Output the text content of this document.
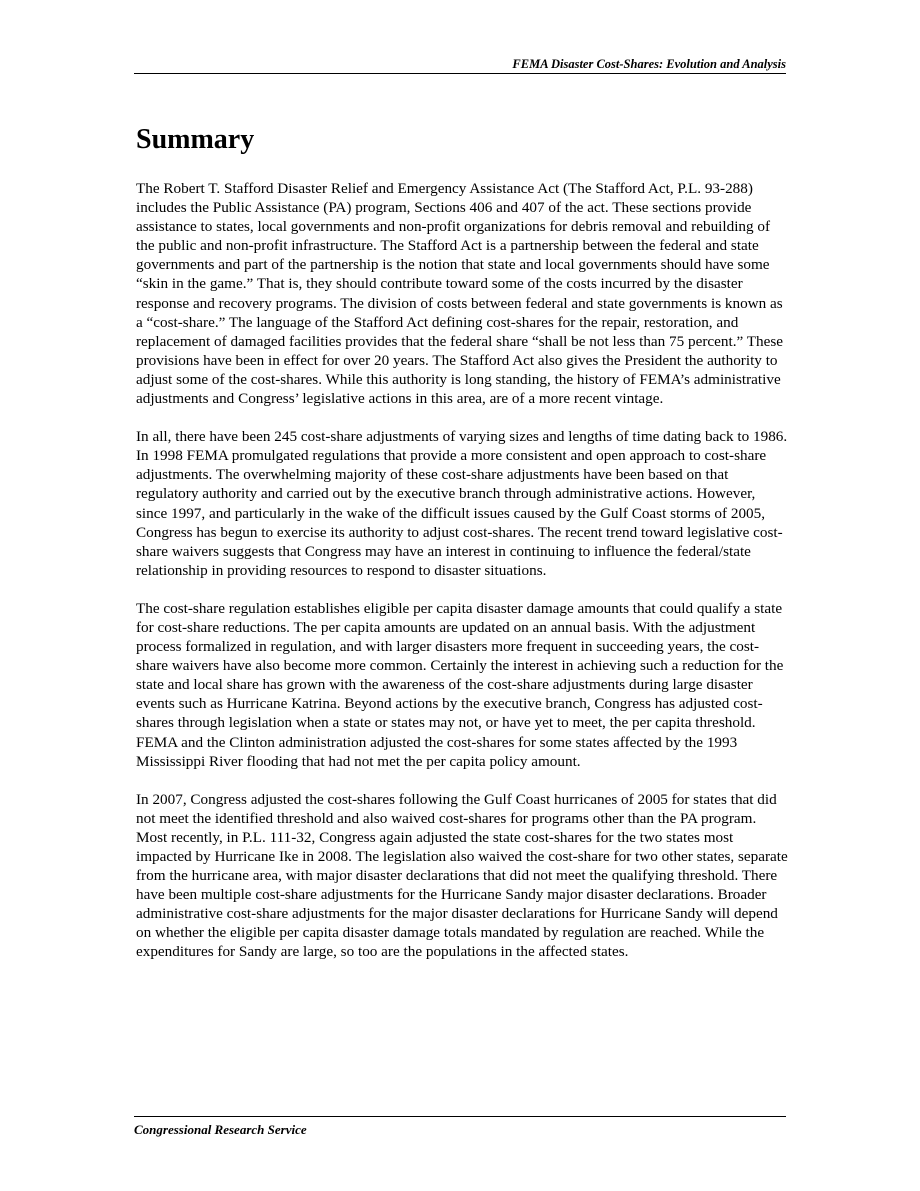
FEMA Disaster Cost-Shares: Evolution and Analysis
Summary

The Robert T. Stafford Disaster Relief and Emergency Assistance Act (The Stafford Act, P.L. 93-288) includes the Public Assistance (PA) program, Sections 406 and 407 of the act. These sections provide assistance to states, local governments and non-profit organizations for debris removal and rebuilding of the public and non-profit infrastructure. The Stafford Act is a partnership between the federal and state governments and part of the partnership is the notion that state and local governments should have some “skin in the game.” That is, they should contribute toward some of the costs incurred by the disaster response and recovery programs. The division of costs between federal and state governments is known as a “cost-share.” The language of the Stafford Act defining cost-shares for the repair, restoration, and replacement of damaged facilities provides that the federal share “shall be not less than 75 percent.” These provisions have been in effect for over 20 years. The Stafford Act also gives the President the authority to adjust some of the cost-shares. While this authority is long standing, the history of FEMA’s administrative adjustments and Congress’ legislative actions in this area, are of a more recent vintage.

In all, there have been 245 cost-share adjustments of varying sizes and lengths of time dating back to 1986. In 1998 FEMA promulgated regulations that provide a more consistent and open approach to cost-share adjustments. The overwhelming majority of these cost-share adjustments have been based on that regulatory authority and carried out by the executive branch through administrative actions. However, since 1997, and particularly in the wake of the difficult issues caused by the Gulf Coast storms of 2005, Congress has begun to exercise its authority to adjust cost-shares. The recent trend toward legislative cost-share waivers suggests that Congress may have an interest in continuing to influence the federal/state relationship in providing resources to respond to disaster situations.

The cost-share regulation establishes eligible per capita disaster damage amounts that could qualify a state for cost-share reductions. The per capita amounts are updated on an annual basis. With the adjustment process formalized in regulation, and with larger disasters more frequent in succeeding years, the cost-share waivers have also become more common. Certainly the interest in achieving such a reduction for the state and local share has grown with the awareness of the cost-share adjustments during large disaster events such as Hurricane Katrina. Beyond actions by the executive branch, Congress has adjusted cost-shares through legislation when a state or states may not, or have yet to meet, the per capita threshold. FEMA and the Clinton administration adjusted the cost-shares for some states affected by the 1993 Mississippi River flooding that had not met the per capita policy amount.

In 2007, Congress adjusted the cost-shares following the Gulf Coast hurricanes of 2005 for states that did not meet the identified threshold and also waived cost-shares for programs other than the PA program. Most recently, in P.L. 111-32, Congress again adjusted the state cost-shares for the two states most impacted by Hurricane Ike in 2008. The legislation also waived the cost-share for two other states, separate from the hurricane area, with major disaster declarations that did not meet the qualifying threshold. There have been multiple cost-share adjustments for the Hurricane Sandy major disaster declarations. Broader administrative cost-share adjustments for the major disaster declarations for Hurricane Sandy will depend on whether the eligible per capita disaster damage totals mandated by regulation are reached. While the expenditures for Sandy are large, so too are the populations in the affected states.

Congressional Research Service
